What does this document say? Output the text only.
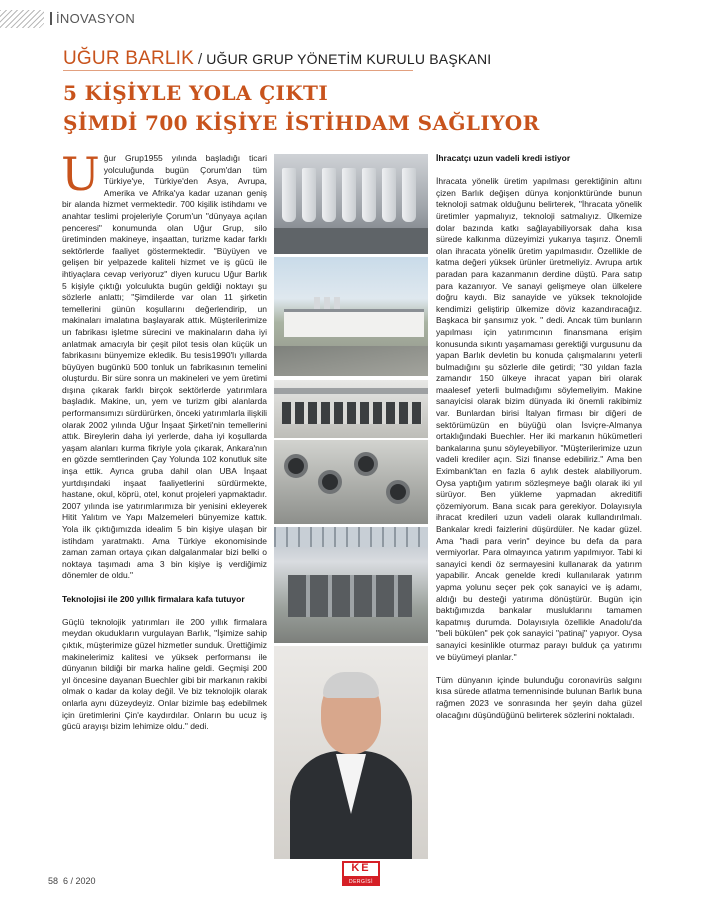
İNOVASYON
UĞUR BARLIK / UĞUR GRUP YÖNETİM KURULU BAŞKANI
5 KİŞİYLE YOLA ÇIKTI
ŞİMDİ 700 KİŞİYE İSTİHDAM SAĞLIYOR

Uğur Grup1955 yılında başladığı ticari yolculuğunda bugün Çorum'dan tüm Türkiye'ye, Türkiye'den Asya, Avrupa, Amerika ve Afrika'ya kadar uzanan geniş bir alanda hizmet vermektedir. 700 kişilik istihdamı ve anahtar teslimi projeleriyle Çorum'un "dünyaya açılan penceresi" konumunda olan Uğur Grup, silo üretiminden makineye, inşaattan, turizme kadar farklı sektörlerde faaliyet göstermektedir. "Büyüyen ve gelişen bir yelpazede kaliteli hizmet ve iş gücü ile ihtiyaçlara cevap veriyoruz" diyen kurucu Uğur Barlık 5 kişiyle çıktığı yolculukta bugün geldiği noktayı şu sözlerle anlattı; "Şimdilerde var olan 11 şirketin temellerini günün koşullarını değerlendirip, un makinaları imalatına başlayarak attık. Müşterilerimize un fabrikası işletme sürecini ve makinaların daha iyi anlatmak amacıyla bir çeşit pilot tesis olan küçük un fabrikasını bünyemize ekledik. Bu tesis1990'lı yıllarda büyüyen bugünkü 500 tonluk un fabrikasının temelini oluşturdu. Bir süre sonra un makineleri ve yem üretimi dışına çıkarak farklı birçok sektörlerde yatırımlara başladık. Makine, un, yem ve turizm gibi alanlarda performansımızı sürdürürken, önceki yatırımlarla ilişkili olarak 2002 yılında Uğur İnşaat Şirketi'nin temellerini attık. Bireylerin daha iyi yerlerde, daha iyi koşullarda yaşam alanları kurma fikriyle yola çıkarak, Ankara'nın en gözde semtlerinden Çay Yolunda 102 konutluk site inşa ettik. Ayrıca gruba dahil olan UBA İnşaat yurtdışındaki inşaat faaliyetlerini sürdürmekte, hastane, okul, köprü, otel, konut projeleri yapmaktadır. 2007 yılında ise yatırımlarımıza bir yenisini ekleyerek Hitit Yalıtım ve Yapı Malzemeleri bünyemize kattık. Yola ilk çıktığımızda idealim 5 bin kişiye ulaşan bir istihdam yaratmaktı. Ama Türkiye ekonomisinde zaman zaman ortaya çıkan dalgalanmalar bizi belki o noktaya taşımadı ama 3 bin kişiye iş verdiğimiz dönemler de oldu."

Teknolojisi ile 200 yıllık firmalara kafa tutuyor

Güçlü teknolojik yatırımları ile 200 yıllık firmalara meydan okudukların vurgulayan Barlık, "İşimize sahip çıktık, müşterimize güzel hizmetler sunduk. Ürettiğimiz makinelerimiz kalitesi ve yüksek performansı ile dünyanın bildiği bir marka haline geldi. Geçmişi 200 yıl öncesine dayanan Buechler gibi bir markanın rakibi olmak o kadar da kolay değil. Ve biz teknolojik olarak onlarla aynı düzeydeyiz. Onlar bizimle baş edebilmek için üretimlerini Çin'e kaydırdılar. Onların bu ucuz iş gücü arayışı bizim lehimize oldu." dedi.

İhracatçı uzun vadeli kredi istiyor

İhracata yönelik üretim yapılması gerektiğinin altını çizen Barlık değişen dünya konjonktüründe bunun teknoloji satmak olduğunu belirterek, "İhracata yönelik üretimler yapmalıyız, teknoloji satmalıyız. Ülkemize dolar bazında katkı sağlayabiliyorsak daha kısa sürede kalkınma düzeyimizi yukarıya taşırız. Önemli olan ihracata yönelik üretim yapılmasıdır. Özellikle de katma değeri yüksek ürünler üretmeliyiz. Avrupa artık paradan para kazanmanın derdine düştü. Para satıp para kazanıyor. Ve sanayi gelişmeye olan ülkelere doğru kaydı. Biz sanayide ve yüksek teknolojide kendimizi geliştirip ülkemize döviz kazandıracağız. Başkaca bir şansımız yok. " dedi. Ancak tüm bunların yapılması için yatırımcının finansmana erişim konusunda sıkıntı yaşamaması gerektiği vurgusunu da yapan Barlık devletin bu konuda çalışmalarını yeterli bulmadığını şu sözlerle dile getirdi; "30 yıldan fazla zamandır 150 ülkeye ihracat yapan biri olarak maalesef yeterli bulmadığımı söylemeliyim. Makine sanayicisi olarak bizim dünyada iki önemli rakibimiz var. Bunlardan birisi İtalyan firması bir diğeri de sektörümüzün en büyüğü olan İsviçre-Almanya ortaklığındaki Buechler. Her iki markanın hükümetleri bankalarına şunu söyleyebiliyor. "Müşterilerimize uzun vadeli krediler açın. Sizi finanse edebiliriz." Ama ben Eximbank'tan en fazla 6 aylık destek alabiliyorum. Oysa yaptığım yatırım sözleşmeye bağlı olarak iki yıl sürüyor. Ben yükleme yapmadan akreditifi çözemiyorum. Bana sıcak para gerekiyor. Dolayısıyla ihracat kredileri uzun vadeli olarak kullandırılmalı. Bankalar kredi faizlerini düşürdüler. Ne kadar güzel. Ama "hadi para verin" deyince bu defa da para vermiyorlar. Para olmayınca yatırım yapılmıyor. Tabi ki sanayici kendi öz sermayesini kullanarak da yatırım yapabilir. Ancak genelde kredi kullanılarak yatırım yapma yolunu seçer pek çok sanayici ve iş adamı, aldığı bu desteği yatırıma dönüştürür. Bugün için baktığımızda bankalar musluklarını tamamen kapatmış durumda. Dolayısıyla özellikle Anadolu'da "beli bükülen" pek çok sanayici "patinaj" yapıyor. Oysa sanayici kesinlikle oturmaz parayı bulduk ça yatırımı ve büyümeyi planlar.''

Tüm dünyanın içinde bulunduğu coronavirüs salgını kısa sürede atlatma temennisinde bulunan Barlık buna rağmen 2023 ve sonrasında her şeyin daha güzel olacağını düşündüğünü belirterek sözlerini noktaladı.

58 6 / 2020
KE
DERGİSİ
